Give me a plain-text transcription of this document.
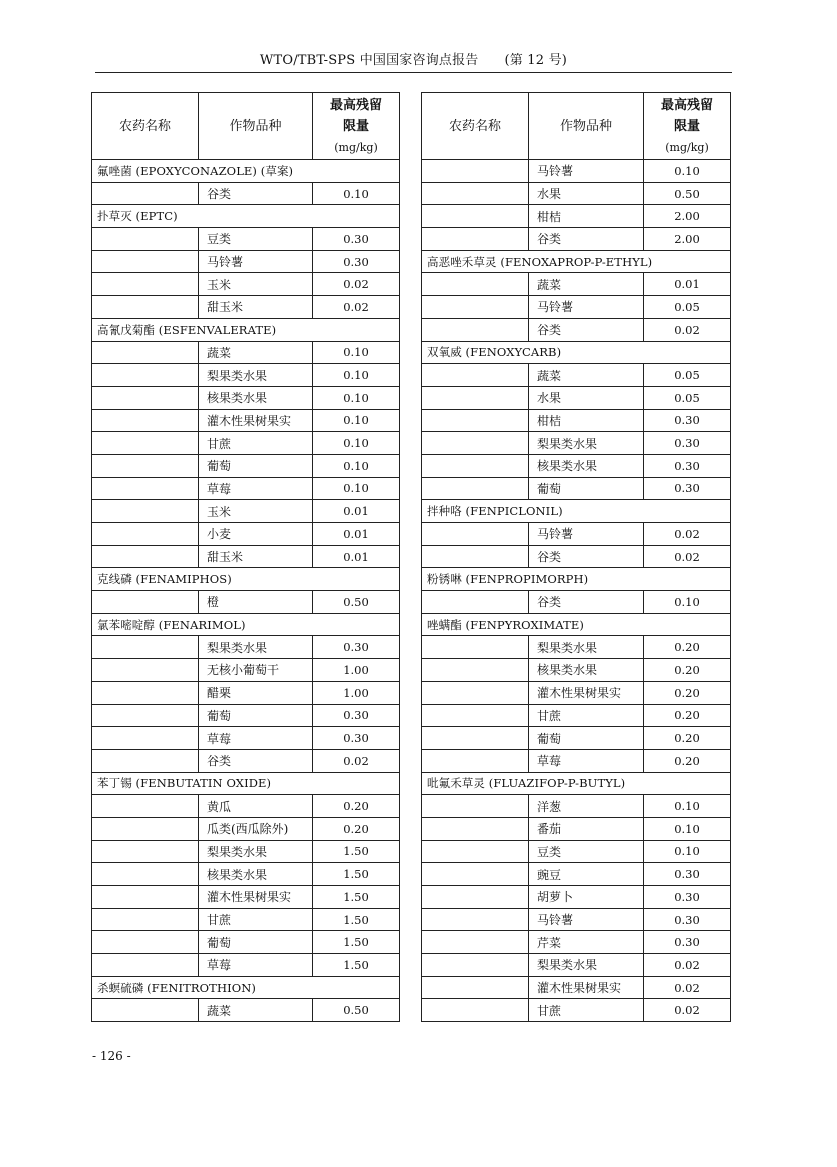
WTO/TBT-SPS 中国国家咨询点报告 (第 12 号)
农药名称	作物品种	最高残留
限量
(mg/kg)
氟唑菌 (EPOXYCONAZOLE) (草案)		
	谷类	0.10
扑草灭 (EPTC)		
	豆类	0.30
	马铃薯	0.30
	玉米	0.02
	甜玉米	0.02
高氰戊菊酯 (ESFENVALERATE)		
	蔬菜	0.10
	梨果类水果	0.10
	核果类水果	0.10
	灌木性果树果实	0.10
	甘蔗	0.10
	葡萄	0.10
	草莓	0.10
	玉米	0.01
	小麦	0.01
	甜玉米	0.01
克线磷 (FENAMIPHOS)		
	橙	0.50
氯苯嘧啶醇 (FENARIMOL)		
	梨果类水果	0.30
	无核小葡萄干	1.00
	醋栗	1.00
	葡萄	0.30
	草莓	0.30
	谷类	0.02
苯丁锡 (FENBUTATIN OXIDE)		
	黄瓜	0.20
	瓜类(西瓜除外)	0.20
	梨果类水果	1.50
	核果类水果	1.50
	灌木性果树果实	1.50
	甘蔗	1.50
	葡萄	1.50
	草莓	1.50
杀螟硫磷 (FENITROTHION)		
	蔬菜	0.50
农药名称	作物品种	最高残留
限量
(mg/kg)
	马铃薯	0.10
	水果	0.50
	柑桔	2.00
	谷类	2.00
高恶唑禾草灵 (FENOXAPROP-P-ETHYL)		
	蔬菜	0.01
	马铃薯	0.05
	谷类	0.02
双氧威 (FENOXYCARB)		
	蔬菜	0.05
	水果	0.05
	柑桔	0.30
	梨果类水果	0.30
	核果类水果	0.30
	葡萄	0.30
拌种咯 (FENPICLONIL)		
	马铃薯	0.02
	谷类	0.02
粉锈啉 (FENPROPIMORPH)		
	谷类	0.10
唑螨酯 (FENPYROXIMATE)		
	梨果类水果	0.20
	核果类水果	0.20
	灌木性果树果实	0.20
	甘蔗	0.20
	葡萄	0.20
	草莓	0.20
吡氟禾草灵 (FLUAZIFOP-P-BUTYL)		
	洋葱	0.10
	番茄	0.10
	豆类	0.10
	豌豆	0.30
	胡萝卜	0.30
	马铃薯	0.30
	芹菜	0.30
	梨果类水果	0.02
	灌木性果树果实	0.02
	甘蔗	0.02
- 126 -
